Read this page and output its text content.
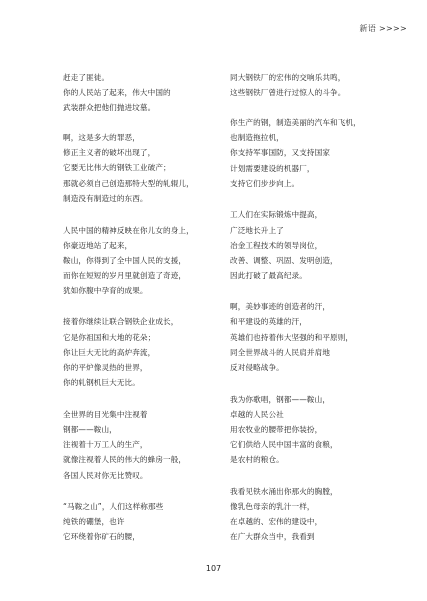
新语 >>>>
赶走了匪徒。
你的人民站了起来，伟大中国的
武装群众把他们抛进坟墓。
啊，这是多大的罪恶，
修正主义者的破坏出现了，
它要无比伟大的钢铁工业破产；
那就必须自己创造那特大型的轧辊儿，
制造没有制造过的东西。
人民中国的精神反映在你儿女的身上，
你豪迈地站了起来，
鞍山，你得到了全中国人民的支援，
而你在短短的岁月里就创造了奇迹，
犹如你腹中孕育的成果。
接着你继续让联合钢铁企业成长，
它是你祖国和大地的花朵；
你让巨大无比的高炉奔流，
你的平炉像灵热的世界，
你的轧钢机巨大无比。
全世界的目光集中注视着
钢都——鞍山，
注视着十万工人的生产，
就像注视着人民的伟大的蜂房一般，
各国人民对你无比赞叹。
“马鞍之山”，人们这样称那些
纯铁的硼堡，也许
它环绕着你矿石的腰，
同大钢铁厂的宏伟的交响乐共鸣，
这些钢铁厂曾进行过惊人的斗争。
你生产的钢，制造美丽的汽车和飞机，
也制造拖拉机，
你支持军事国防，又支持国家
计划需要建设的机器厂，
支持它们步步向上。
工人们在实际锻炼中提高，
广泛地长升上了
冶金工程技术的领导岗位，
改善、调整、巩固、发明创造，
因此打破了最高纪录。
啊，美妙事迹的创造者的汗，
和平建设的英雄的汗，
英雄们也持着伟大坚强的和平原则，
同全世界战斗的人民肩并肩地
反对侵略战争。
我为你歌唱，钢都——鞍山，
卓越的人民公社
用农牧业的腰带把你装扮，
它们供给人民中国丰富的食粮，
是农村的粮仓。
我看见铁水涌出你那火的胸膛，
像乳色母亲的乳汁一样，
在卓越的、宏伟的建设中，
在广大群众当中，我看到
107
